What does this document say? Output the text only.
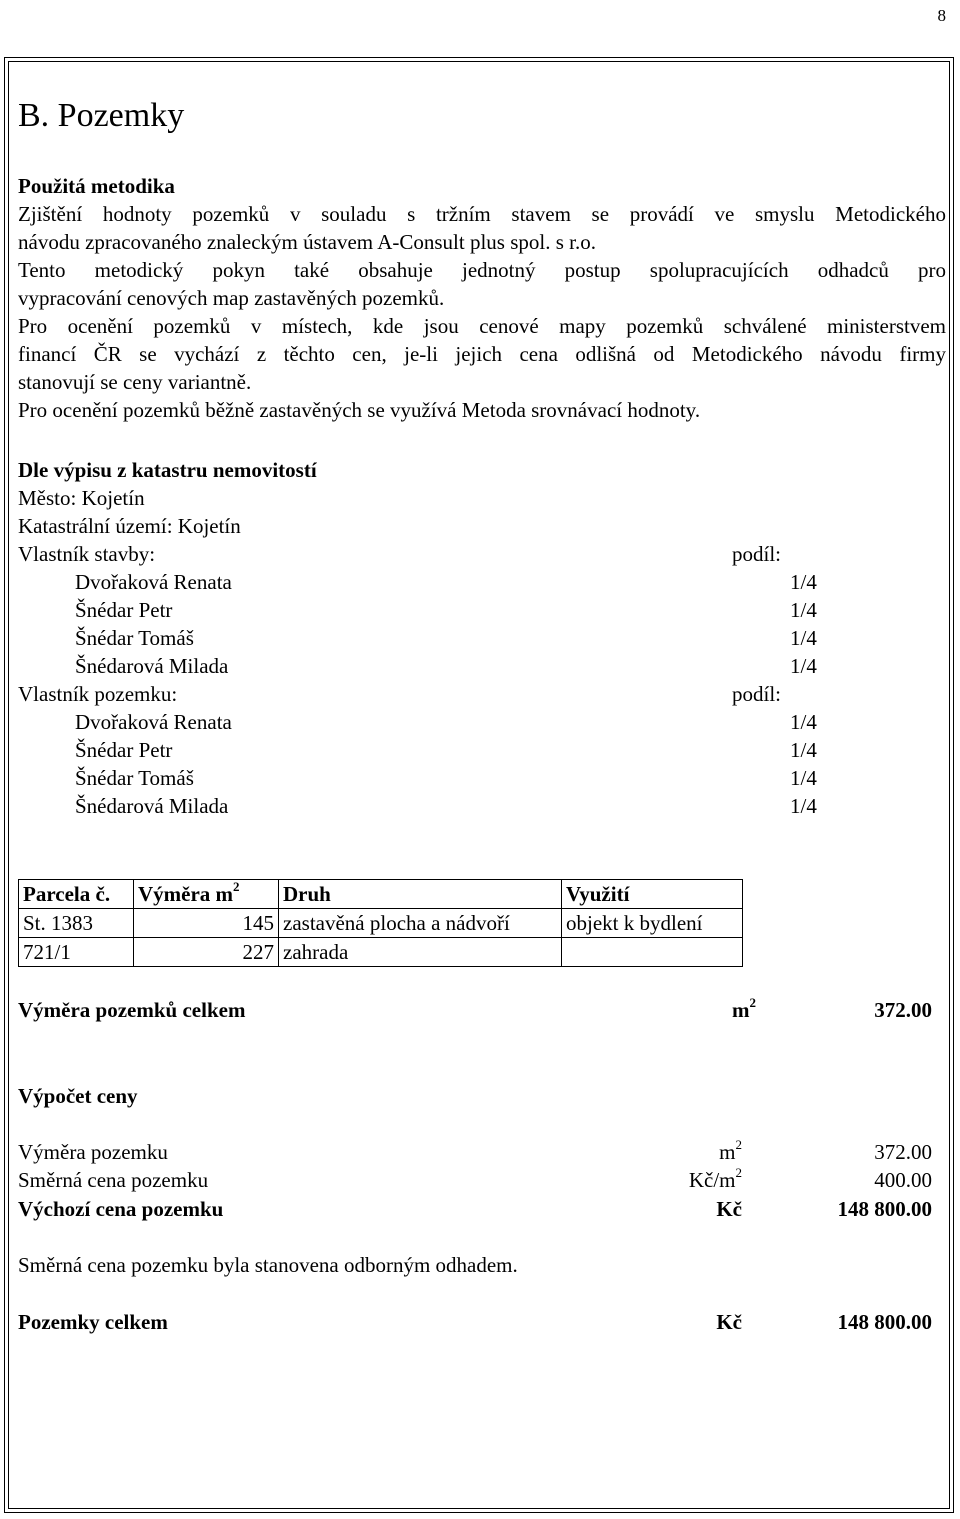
8
B. Pozemky
Použitá metodika
Zjištění hodnoty pozemků v souladu s tržním stavem se provádí ve smyslu Metodického
návodu zpracovaného znaleckým ústavem A-Consult plus spol. s r.o.
Tento metodický pokyn také obsahuje jednotný postup spolupracujících odhadců pro
vypracování cenových map zastavěných pozemků.
Pro ocenění pozemků v místech, kde jsou cenové mapy pozemků schválené ministerstvem
financí ČR se vychází z těchto cen, je-li jejich cena odlišná od Metodického návodu firmy
stanovují se ceny variantně.
Pro ocenění pozemků běžně zastavěných se využívá Metoda srovnávací hodnoty.
Dle výpisu z katastru nemovitostí
Město: Kojetín
Katastrální území: Kojetín
Vlastník stavby:	podíl:
Dvořaková Renata	1/4
Šnédar Petr	1/4
Šnédar Tomáš	1/4
Šnédarová Milada	1/4
Vlastník pozemku:	podíl:
Dvořaková Renata	1/4
Šnédar Petr	1/4
Šnédar Tomáš	1/4
Šnédarová Milada	1/4
Parcela č.	Výměra $m^2$	Druh	Využití
St. 1383	145	zastavěná plocha a nádvoří	objekt k bydlení
721/1	227	zahrada	
Výměra pozemků celkem	$m^2$	372.00
Výpočet ceny
Výměra pozemku	$m^2$	372.00
Směrná cena pozemku	$Kč/m^2$	400.00
Výchozí cena pozemku	Kč	148 800.00
Směrná cena pozemku byla stanovena odborným odhadem.
Pozemky celkem	Kč	148 800.00
